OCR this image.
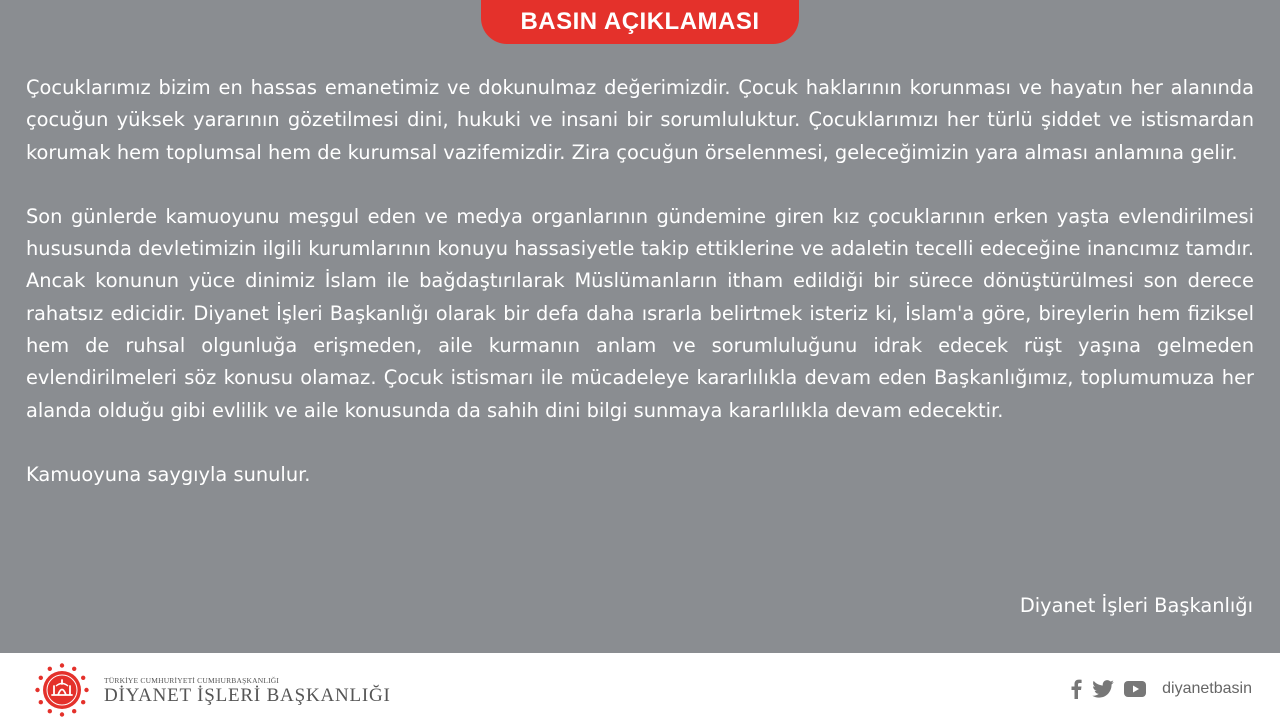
BASIN AÇIKLAMASI

Çocuklarımız bizim en hassas emanetimiz ve dokunulmaz değerimizdir. Çocuk haklarının korunması ve hayatın her alanında çocuğun yüksek yararının gözetilmesi dini, hukuki ve insani bir sorumluluktur. Çocuklarımızı her türlü şiddet ve istismardan korumak hem toplumsal hem de kurumsal vazifemizdir. Zira çocuğun örselenmesi, geleceğimizin yara alması anlamına gelir.

Son günlerde kamuoyunu meşgul eden ve medya organlarının gündemine giren kız çocuklarının erken yaşta evlendirilmesi hususunda devletimizin ilgili kurumlarının konuyu hassasiyetle takip ettiklerine ve adaletin tecelli edeceğine inancımız tamdır. Ancak konunun yüce dinimiz İslam ile bağdaştırılarak Müslümanların itham edildiği bir sürece dönüştürülmesi son derece rahatsız edicidir. Diyanet İşleri Başkanlığı olarak bir defa daha ısrarla belirtmek isteriz ki, İslam'a göre, bireylerin hem fiziksel hem de ruhsal olgunluğa erişmeden, aile kurmanın anlam ve sorumluluğunu idrak edecek rüşt yaşına gelmeden evlendirilmeleri söz konusu olamaz. Çocuk istismarı ile mücadeleye kararlılıkla devam eden Başkanlığımız, toplumumuza her alanda olduğu gibi evlilik ve aile konusunda da sahih dini bilgi sunmaya kararlılıkla devam edecektir.

Kamuoyuna saygıyla sunulur.

Diyanet İşleri Başkanlığı
TÜRKİYE CUMHURİYETİ CUMHURBAŞKANLIĞI
DİYANET İŞLERİ BAŞKANLIĞI	diyanetbasin
